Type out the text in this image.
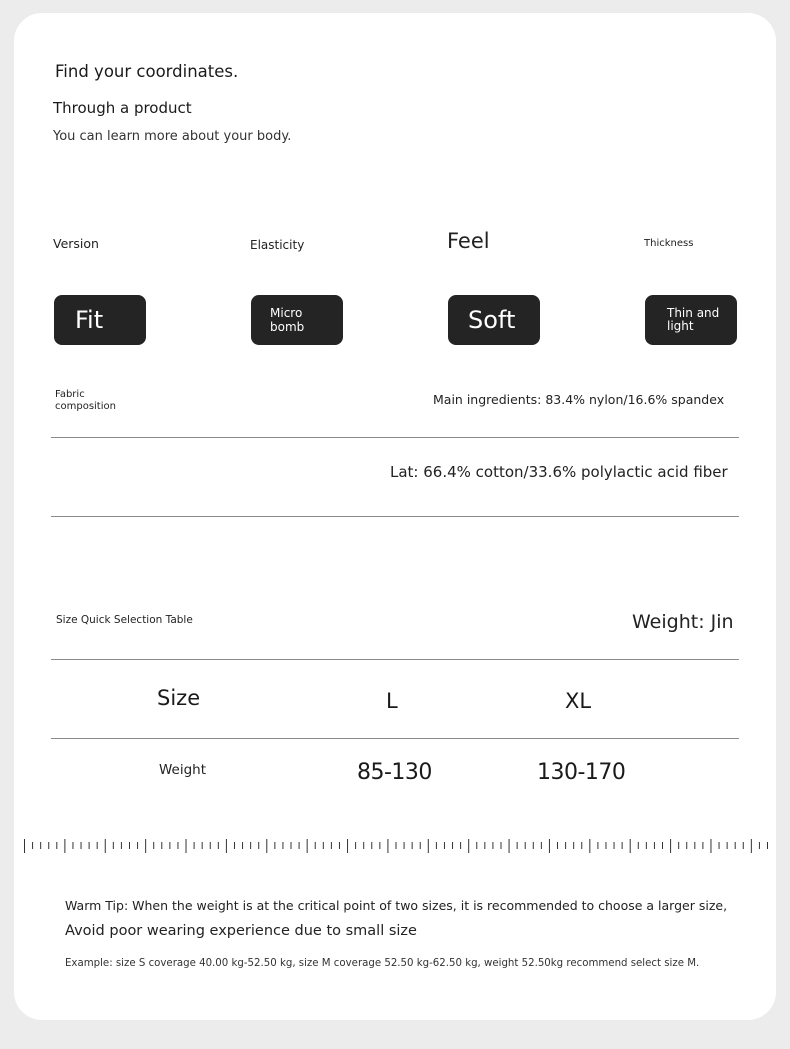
Find your coordinates.
Through a product
You can learn more about your body.
Version	Elasticity	Feel	Thickness
Fit	Micro bomb	Soft	Thin and light
Fabric composition	Main ingredients: 83.4% nylon/16.6% spandex
Lat: 66.4% cotton/33.6% polylactic acid fiber
Size Quick Selection Table	Weight: Jin
Size	L	XL
Weight	85-130	130-170
Warm Tip: When the weight is at the critical point of two sizes, it is recommended to choose a larger size,
Avoid poor wearing experience due to small size
Example: size S coverage 40.00 kg-52.50 kg, size M coverage 52.50 kg-62.50 kg, weight 52.50kg recommend select size M.
